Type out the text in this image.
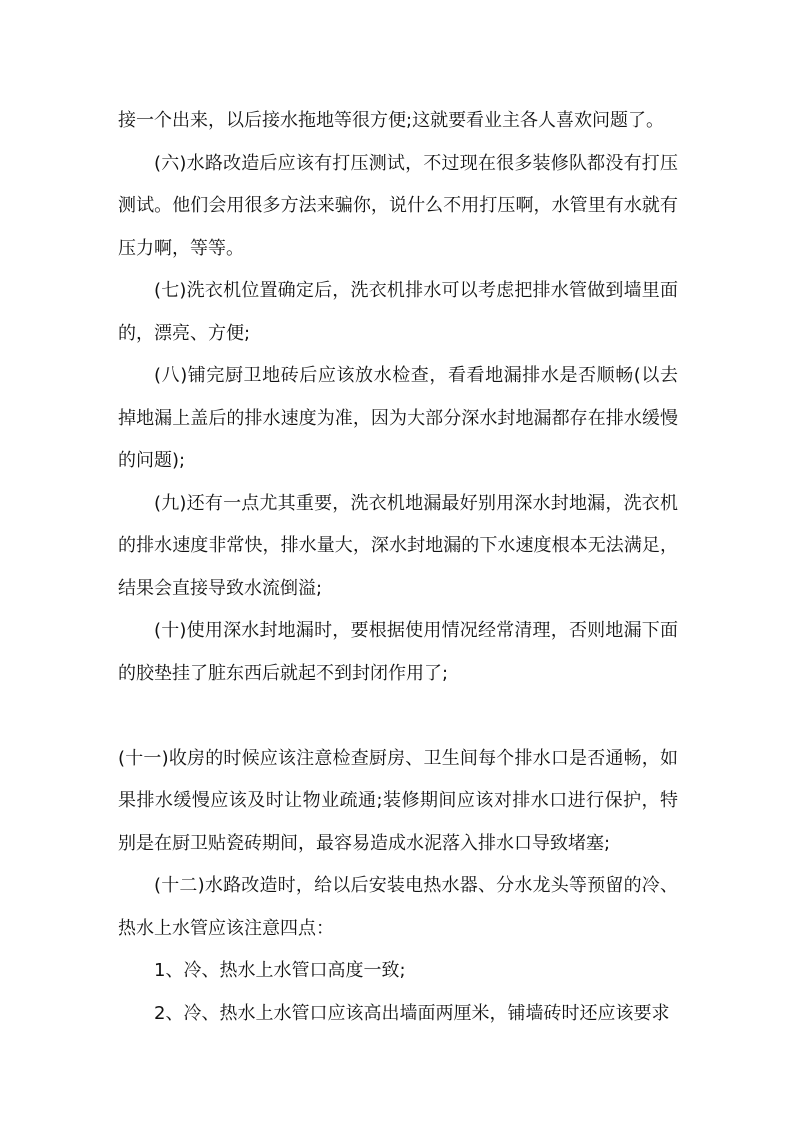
接一个出来，以后接水拖地等很方便;这就要看业主各人喜欢问题了。

(六)水路改造后应该有打压测试，不过现在很多装修队都没有打压测试。他们会用很多方法来骗你，说什么不用打压啊，水管里有水就有压力啊，等等。

(七)洗衣机位置确定后，洗衣机排水可以考虑把排水管做到墙里面的，漂亮、方便;

(八)铺完厨卫地砖后应该放水检查，看看地漏排水是否顺畅(以去掉地漏上盖后的排水速度为准，因为大部分深水封地漏都存在排水缓慢的问题);

(九)还有一点尤其重要，洗衣机地漏最好别用深水封地漏，洗衣机的排水速度非常快，排水量大，深水封地漏的下水速度根本无法满足，结果会直接导致水流倒溢;

(十)使用深水封地漏时，要根据使用情况经常清理，否则地漏下面的胶垫挂了脏东西后就起不到封闭作用了;

(十一)收房的时候应该注意检查厨房、卫生间每个排水口是否通畅，如果排水缓慢应该及时让物业疏通;装修期间应该对排水口进行保护，特别是在厨卫贴瓷砖期间，最容易造成水泥落入排水口导致堵塞;

(十二)水路改造时，给以后安装电热水器、分水龙头等预留的冷、热水上水管应该注意四点：

1、冷、热水上水管口高度一致;

2、冷、热水上水管口应该高出墙面两厘米，铺墙砖时还应该要求
